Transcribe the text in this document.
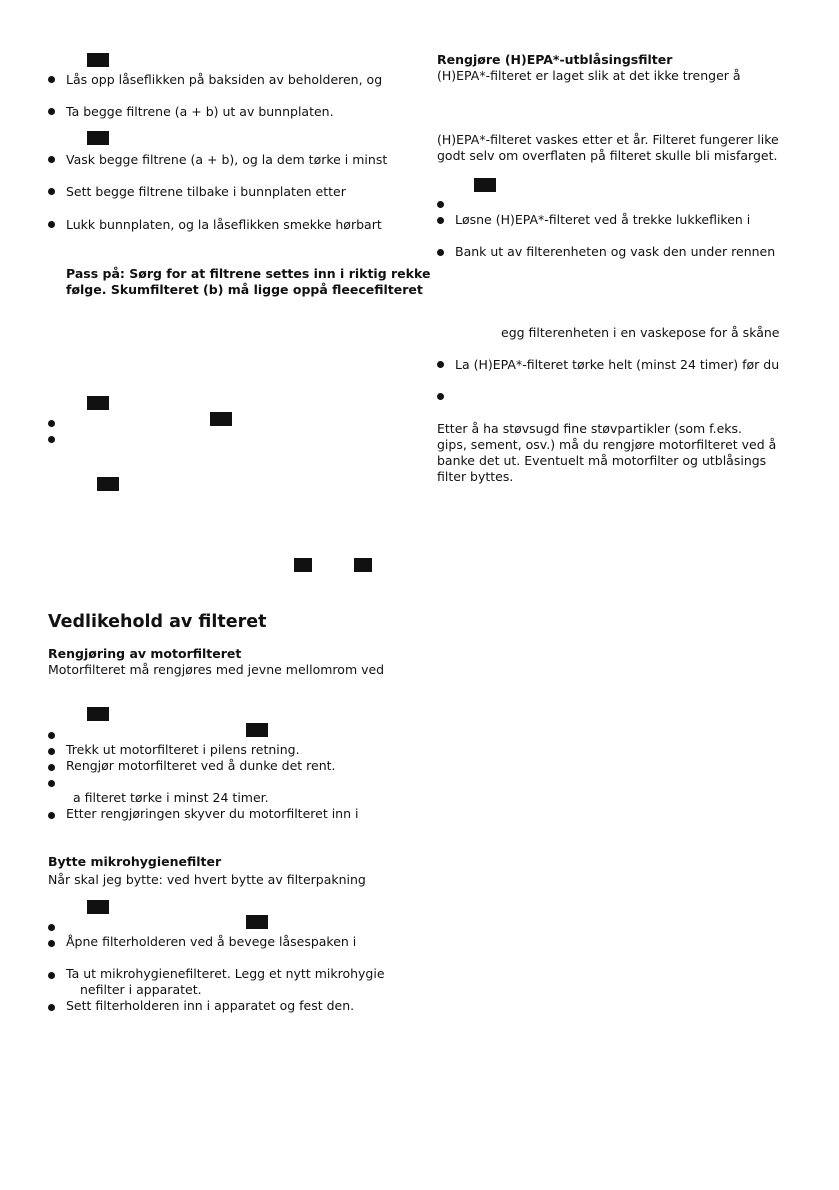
Lås opp låseflikken på baksiden av beholderen, og
Ta begge filtrene (a + b) ut av bunnplaten.
Vask begge filtrene (a + b), og la dem tørke i minst
Sett begge filtrene tilbake i bunnplaten etter
Lukk bunnplaten, og la låseflikken smekke hørbart
Pass på: Sørg for at filtrene settes inn i riktig rekke
følge. Skumfilteret (b) må ligge oppå fleecefilteret
Vedlikehold av filteret
Rengjøring av motorfilteret
Motorfilteret må rengjøres med jevne mellomrom ved
Trekk ut motorfilteret i pilens retning.
Rengjør motorfilteret ved å dunke det rent.
a filteret tørke i minst 24 timer.
Etter rengjøringen skyver du motorfilteret inn i
Bytte mikrohygienefilter
Når skal jeg bytte: ved hvert bytte av filterpakning
Åpne filterholderen ved å bevege låsespaken i
Ta ut mikrohygienefilteret. Legg et nytt mikrohygie
nefilter i apparatet.
Sett filterholderen inn i apparatet og fest den.
Rengjøre (H)EPA*-utblåsingsfilter
(H)EPA*-filteret er laget slik at det ikke trenger å
(H)EPA*-filteret vaskes etter et år. Filteret fungerer like
godt selv om overflaten på filteret skulle bli misfarget.
Løsne (H)EPA*-filteret ved å trekke lukkefliken i
Bank ut av filterenheten og vask den under rennen
egg filterenheten i en vaskepose for å skåne
La (H)EPA*-filteret tørke helt (minst 24 timer) før du
Etter å ha støvsugd fine støvpartikler (som f.eks.
gips, sement, osv.) må du rengjøre motorfilteret ved å
banke det ut. Eventuelt må motorfilter og utblåsings
filter byttes.
